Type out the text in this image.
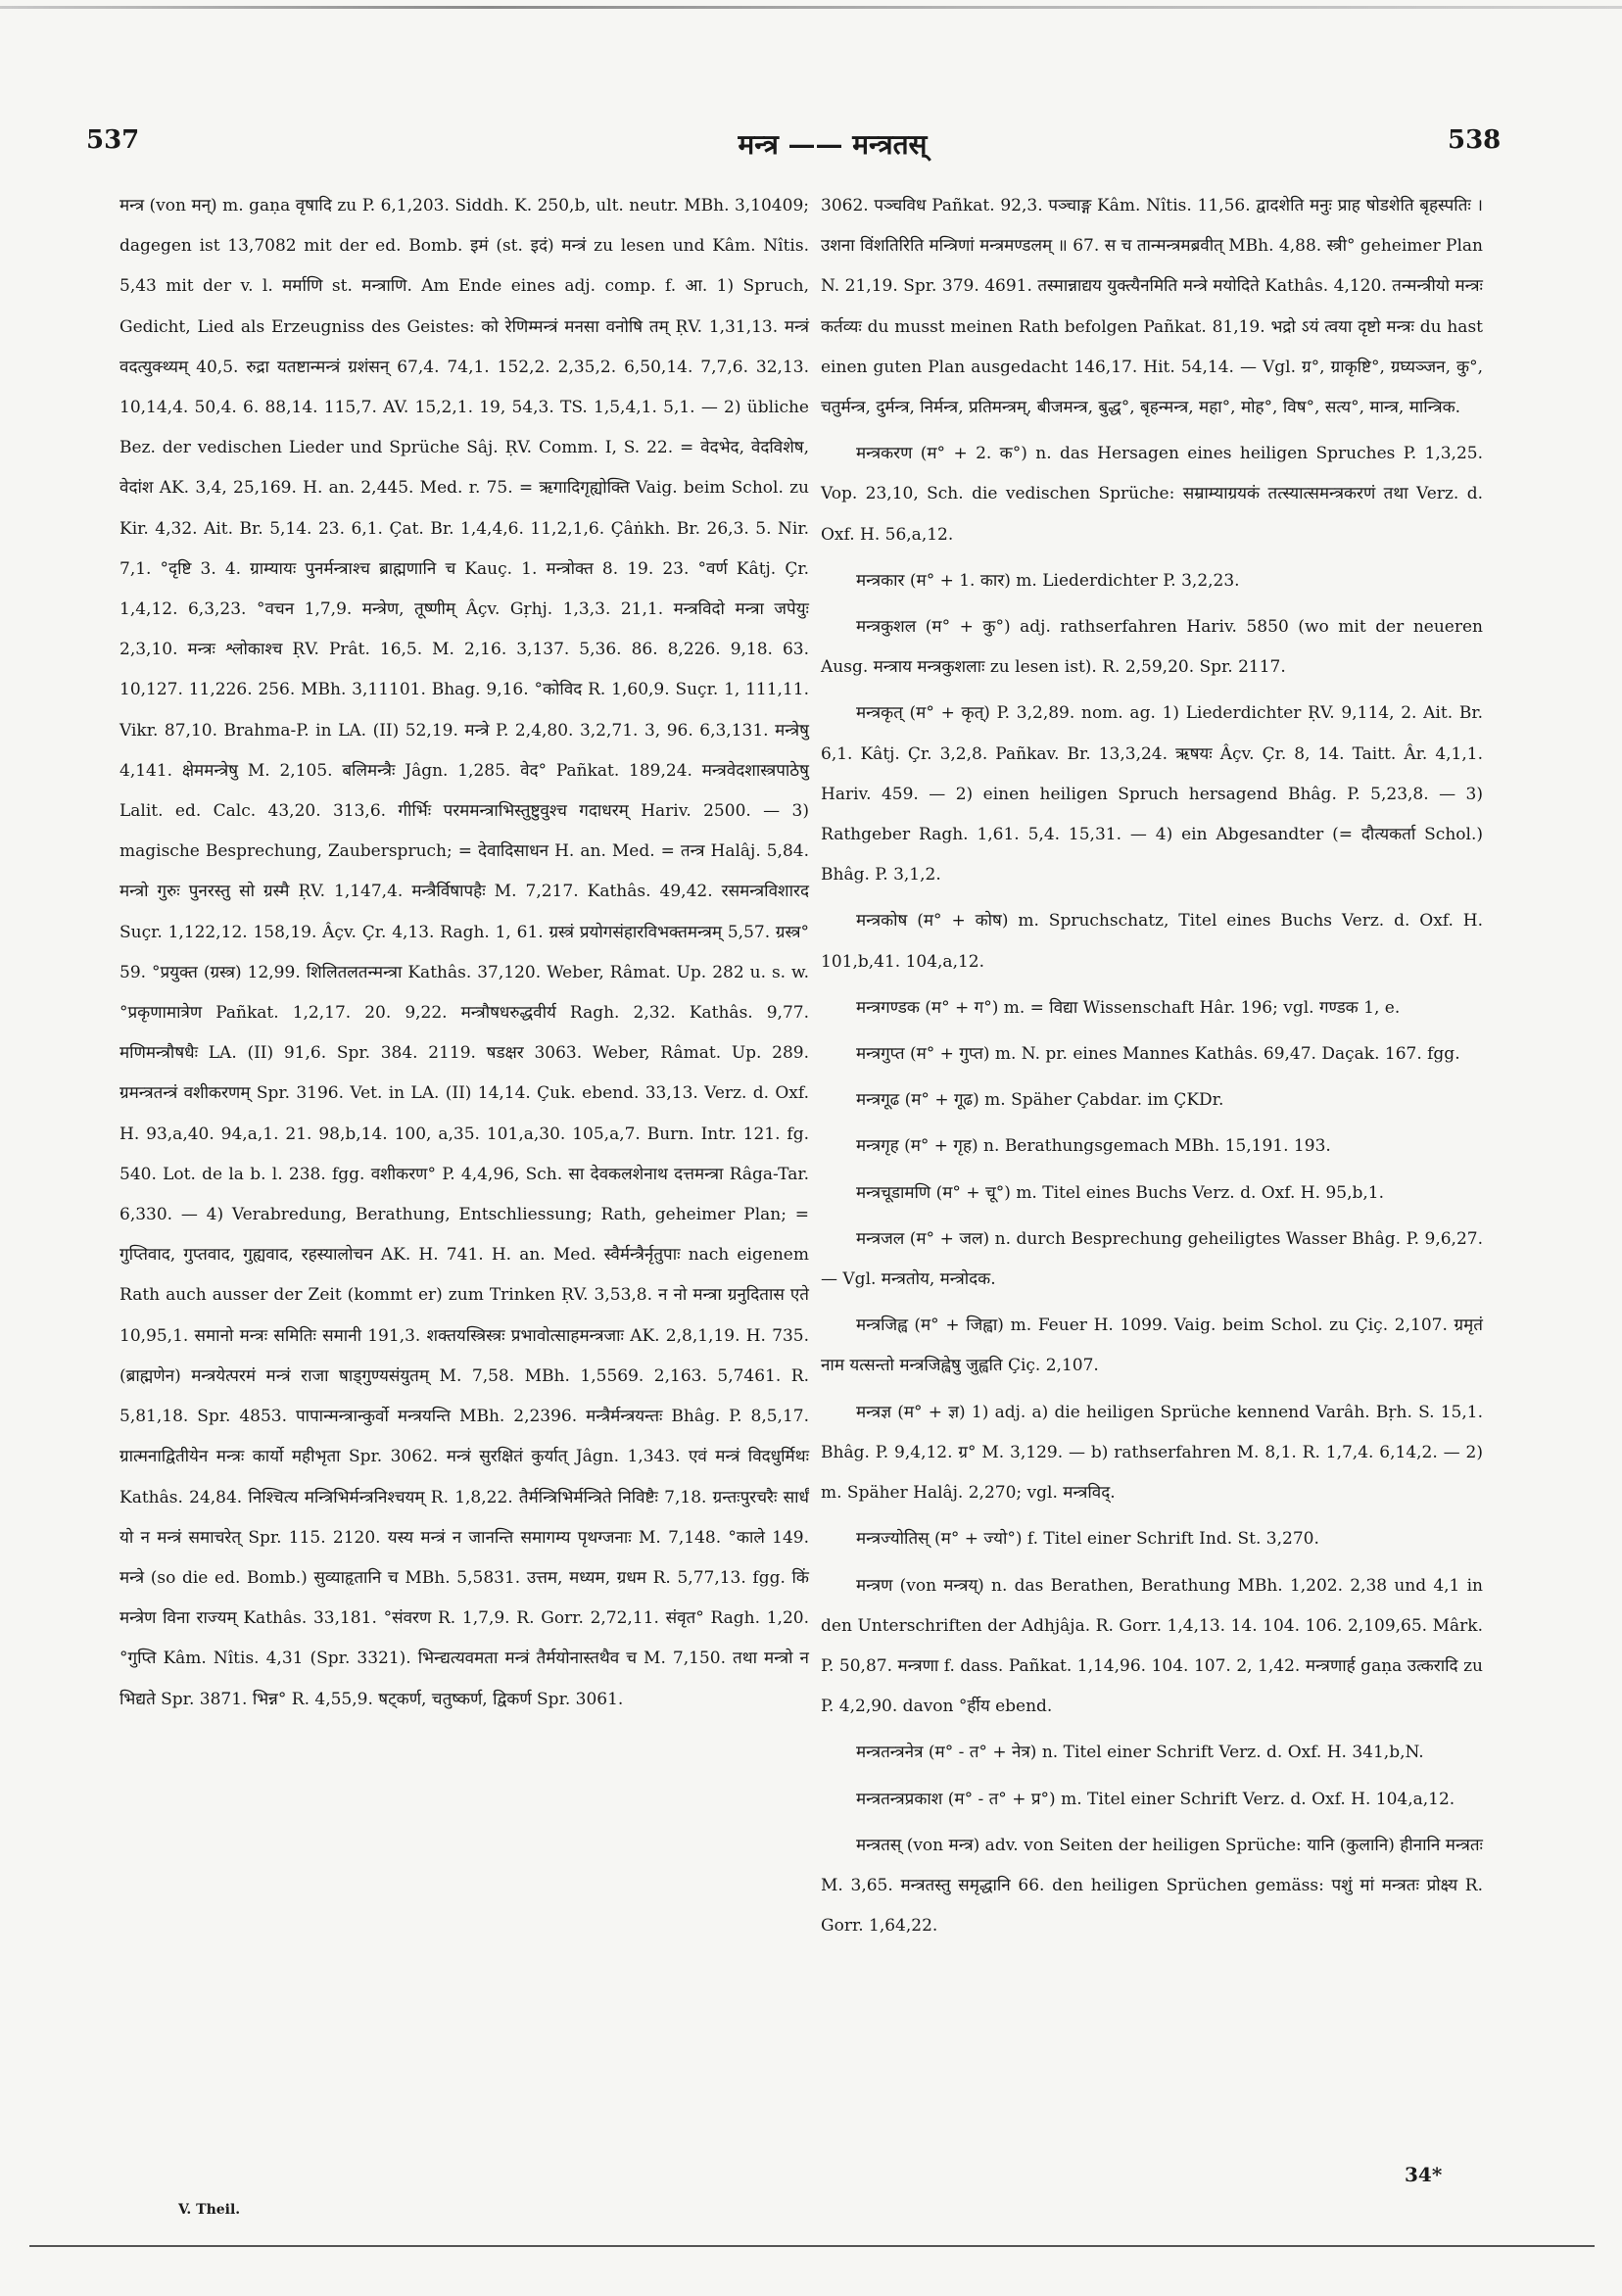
537	मन्त्र —— मन्त्रतस्	538

मन्त्र (von मन्) m. gaṇa वृषादि zu P. 6,1,203. Siddh. K. 250,b, ult. neutr. MBh. 3,10409; dagegen ist 13,7082 mit der ed. Bomb. इमं (st. इदं) मन्त्रं zu lesen und Kâm. Nîtis. 5,43 mit der v. l. मर्माणि st. मन्त्राणि. Am Ende eines adj. comp. f. आ. 1) Spruch, Gedicht, Lied als Erzeugniss des Geistes: को रेणिम्मन्त्रं मनसा वनोषि तम् ṚV. 1,31,13. मन्त्रं वदत्युक्थ्यम् 40,5. रुद्रा यतष्टान्मन्त्रं ग्रशंसन् 67,4. 74,1. 152,2. 2,35,2. 6,50,14. 7,7,6. 32,13. 10,14,4. 50,4. 6. 88,14. 115,7. AV. 15,2,1. 19, 54,3. TS. 1,5,4,1. 5,1. — 2) übliche Bez. der vedischen Lieder und Sprüche Sâj. ṚV. Comm. I, S. 22. = वेदभेद, वेदविशेष, वेदांश AK. 3,4, 25,169. H. an. 2,445. Med. r. 75. = ऋगादिगृह्योक्ति Vaig. beim Schol. zu Kir. 4,32. Ait. Br. 5,14. 23. 6,1. Çat. Br. 1,4,4,6. 11,2,1,6. Çâṅkh. Br. 26,3. 5. Nir. 7,1. °दृष्टि 3. 4. ग्राम्यायः पुनर्मन्त्राश्च ब्राह्मणानि च Kauç. 1. मन्त्रोक्त 8. 19. 23. °वर्ण Kâtj. Çr. 1,4,12. 6,3,23. °वचन 1,7,9. मन्त्रेण, तूष्णीम् Âçv. Gṛhj. 1,3,3. 21,1. मन्त्रविदो मन्त्रा जपेयुः 2,3,10. मन्त्रः श्लोकाश्च ṚV. Prât. 16,5. M. 2,16. 3,137. 5,36. 86. 8,226. 9,18. 63. 10,127. 11,226. 256. MBh. 3,11101. Bhag. 9,16. °कोविद R. 1,60,9. Suçr. 1, 111,11. Vikr. 87,10. Brahma-P. in LA. (II) 52,19. मन्त्रे P. 2,4,80. 3,2,71. 3, 96. 6,3,131. मन्त्रेषु 4,141. क्षेममन्त्रेषु M. 2,105. बलिमन्त्रैः Jâgn. 1,285. वेद° Pañkat. 189,24. मन्त्रवेदशास्त्रपाठेषु Lalit. ed. Calc. 43,20. 313,6. गीर्भिः परममन्त्राभिस्तुष्टुवुश्च गदाधरम् Hariv. 2500. — 3) magische Besprechung, Zauberspruch; = देवादिसाधन H. an. Med. = तन्त्र Halâj. 5,84. मन्त्रो गुरुः पुनरस्तु सो ग्रस्मै ṚV. 1,147,4. मन्त्रैर्विषापहैः M. 7,217. Kathâs. 49,42. रसमन्त्रविशारद Suçr. 1,122,12. 158,19. Âçv. Çr. 4,13. Ragh. 1, 61. ग्रस्त्रं प्रयोगसंहारविभक्तमन्त्रम् 5,57. ग्रस्त्र° 59. °प्रयुक्त (ग्रस्त्र) 12,99. शिलितलतन्मन्त्रा Kathâs. 37,120. Weber, Râmat. Up. 282 u. s. w. °प्रकृणामात्रेण Pañkat. 1,2,17. 20. 9,22. मन्त्रौषधरुद्धवीर्य Ragh. 2,32. Kathâs. 9,77. मणिमन्त्रौषधैः LA. (II) 91,6. Spr. 384. 2119. षडक्षर 3063. Weber, Râmat. Up. 289. ग्रमन्त्रतन्त्रं वशीकरणम् Spr. 3196. Vet. in LA. (II) 14,14. Çuk. ebend. 33,13. Verz. d. Oxf. H. 93,a,40. 94,a,1. 21. 98,b,14. 100, a,35. 101,a,30. 105,a,7. Burn. Intr. 121. fg. 540. Lot. de la b. l. 238. fgg. वशीकरण° P. 4,4,96, Sch. सा देवकलशेनाथ दत्तमन्त्रा Râga-Tar. 6,330. — 4) Verabredung, Berathung, Entschliessung; Rath, geheimer Plan; = गुप्तिवाद, गुप्तवाद, गुह्यवाद, रहस्यालोचन AK. H. 741. H. an. Med. स्वैर्मन्त्रैर्नृतुपाः nach eigenem Rath auch ausser der Zeit (kommt er) zum Trinken ṚV. 3,53,8. न नो मन्त्रा ग्रनुदितास एते 10,95,1. समानो मन्त्रः समितिः समानी 191,3. शक्तयस्त्रिस्त्रः प्रभावोत्साहमन्त्रजाः AK. 2,8,1,19. H. 735. (ब्राह्मणेन) मन्त्रयेत्परमं मन्त्रं राजा षाड्गुण्यसंयुतम् M. 7,58. MBh. 1,5569. 2,163. 5,7461. R. 5,81,18. Spr. 4853. पापान्मन्त्रान्कुर्वो मन्त्रयन्ति MBh. 2,2396. मन्त्रैर्मन्त्रयन्तः Bhâg. P. 8,5,17. ग्रात्मनाद्वितीयेन मन्त्रः कार्यो महीभृता Spr. 3062. मन्त्रं सुरक्षितं कुर्यात् Jâgn. 1,343. एवं मन्त्रं विदधुर्मिथः Kathâs. 24,84. निश्चित्य मन्त्रिभिर्मन्त्रनिश्चयम् R. 1,8,22. तैर्मन्त्रिभिर्मन्त्रिते निविष्टैः 7,18. ग्रन्तःपुरचरैः सार्धं यो न मन्त्रं समाचरेत् Spr. 115. 2120. यस्य मन्त्रं न जानन्ति समागम्य पृथग्जनाः M. 7,148. °काले 149. मन्त्रे (so die ed. Bomb.) सुव्याहृतानि च MBh. 5,5831. उत्तम, मध्यम, ग्रधम R. 5,77,13. fgg. किं मन्त्रेण विना राज्यम् Kathâs. 33,181. °संवरण R. 1,7,9. R. Gorr. 2,72,11. संवृत° Ragh. 1,20. °गुप्ति Kâm. Nîtis. 4,31 (Spr. 3321). भिन्द्यत्यवमता मन्त्रं तैर्मयोनास्तथैव च M. 7,150. तथा मन्त्रो न भिद्यते Spr. 3871. भिन्न° R. 4,55,9. षट्कर्ण, चतुष्कर्ण, द्विकर्ण Spr. 3061.

3062. पञ्चविध Pañkat. 92,3. पञ्चाङ्ग Kâm. Nîtis. 11,56. द्वादशेति मनुः प्राह षोडशेति बृहस्पतिः । उशना विंशतिरिति मन्त्रिणां मन्त्रमण्डलम् ॥ 67. स च तान्मन्त्रमब्रवीत् MBh. 4,88. स्त्री° geheimer Plan N. 21,19. Spr. 379. 4691. तस्मान्नाद्यय युक्त्यैनमिति मन्त्रे मयोदिते Kathâs. 4,120. तन्मन्त्रीयो मन्त्रः कर्तव्यः du musst meinen Rath befolgen Pañkat. 81,19. भद्रो ऽयं त्वया दृष्टो मन्त्रः du hast einen guten Plan ausgedacht 146,17. Hit. 54,14. — Vgl. ग्र°, ग्राकृष्टि°, ग्रघ्यञ्जन, कु°, चतुर्मन्त्र, दुर्मन्त्र, निर्मन्त्र, प्रतिमन्त्रम्, बीजमन्त्र, बुद्ध°, बृहन्मन्त्र, महा°, मोह°, विष°, सत्य°, मान्त्र, मान्त्रिक.

मन्त्रकरण (म° + 2. क°) n. das Hersagen eines heiligen Spruches P. 1,3,25. Vop. 23,10, Sch. die vedischen Sprüche: सम्राम्याग्रयकं तत्स्यात्समन्त्रकरणं तथा Verz. d. Oxf. H. 56,a,12.

मन्त्रकार (म° + 1. कार) m. Liederdichter P. 3,2,23.

मन्त्रकुशल (म° + कु°) adj. rathserfahren Hariv. 5850 (wo mit der neueren Ausg. मन्त्राय मन्त्रकुशलाः zu lesen ist). R. 2,59,20. Spr. 2117.

मन्त्रकृत् (म° + कृत्) P. 3,2,89. nom. ag. 1) Liederdichter ṚV. 9,114, 2. Ait. Br. 6,1. Kâtj. Çr. 3,2,8. Pañkav. Br. 13,3,24. ऋषयः Âçv. Çr. 8, 14. Taitt. Âr. 4,1,1. Hariv. 459. — 2) einen heiligen Spruch hersagend Bhâg. P. 5,23,8. — 3) Rathgeber Ragh. 1,61. 5,4. 15,31. — 4) ein Abgesandter (= दौत्यकर्ता Schol.) Bhâg. P. 3,1,2.

मन्त्रकोष (म° + कोष) m. Spruchschatz, Titel eines Buchs Verz. d. Oxf. H. 101,b,41. 104,a,12.

मन्त्रगण्डक (म° + ग°) m. = विद्या Wissenschaft Hâr. 196; vgl. गण्डक 1, e.

मन्त्रगुप्त (म° + गुप्त) m. N. pr. eines Mannes Kathâs. 69,47. Daçak. 167. fgg.

मन्त्रगूढ (म° + गूढ) m. Späher Çabdar. im ÇKDr.

मन्त्रगृह (म° + गृह) n. Berathungsgemach MBh. 15,191. 193.

मन्त्रचूडामणि (म° + चू°) m. Titel eines Buchs Verz. d. Oxf. H. 95,b,1.

मन्त्रजल (म° + जल) n. durch Besprechung geheiligtes Wasser Bhâg. P. 9,6,27. — Vgl. मन्त्रतोय, मन्त्रोदक.

मन्त्रजिह्व (म° + जिह्वा) m. Feuer H. 1099. Vaig. beim Schol. zu Çiç. 2,107. ग्रमृतं नाम यत्सन्तो मन्त्रजिह्वेषु जुह्वति Çiç. 2,107.

मन्त्रज्ञ (म° + ज्ञ) 1) adj. a) die heiligen Sprüche kennend Varâh. Bṛh. S. 15,1. Bhâg. P. 9,4,12. ग्र° M. 3,129. — b) rathserfahren M. 8,1. R. 1,7,4. 6,14,2. — 2) m. Späher Halâj. 2,270; vgl. मन्त्रविद्.

मन्त्रज्योतिस् (म° + ज्यो°) f. Titel einer Schrift Ind. St. 3,270.

मन्त्रण (von मन्त्रय्) n. das Berathen, Berathung MBh. 1,202. 2,38 und 4,1 in den Unterschriften der Adhjâja. R. Gorr. 1,4,13. 14. 104. 106. 2,109,65. Mârk. P. 50,87. मन्त्रणा f. dass. Pañkat. 1,14,96. 104. 107. 2, 1,42. मन्त्रणार्ह gaṇa उत्करादि zu P. 4,2,90. davon °र्हीय ebend.

मन्त्रतन्त्रनेत्र (म° - त° + नेत्र) n. Titel einer Schrift Verz. d. Oxf. H. 341,b,N.

मन्त्रतन्त्रप्रकाश (म° - त° + प्र°) m. Titel einer Schrift Verz. d. Oxf. H. 104,a,12.

मन्त्रतस् (von मन्त्र) adv. von Seiten der heiligen Sprüche: यानि (कुलानि) हीनानि मन्त्रतः M. 3,65. मन्त्रतस्तु समृद्धानि 66. den heiligen Sprüchen gemäss: पशुं मां मन्त्रतः प्रोक्ष्य R. Gorr. 1,64,22.

V. Theil.
34*
